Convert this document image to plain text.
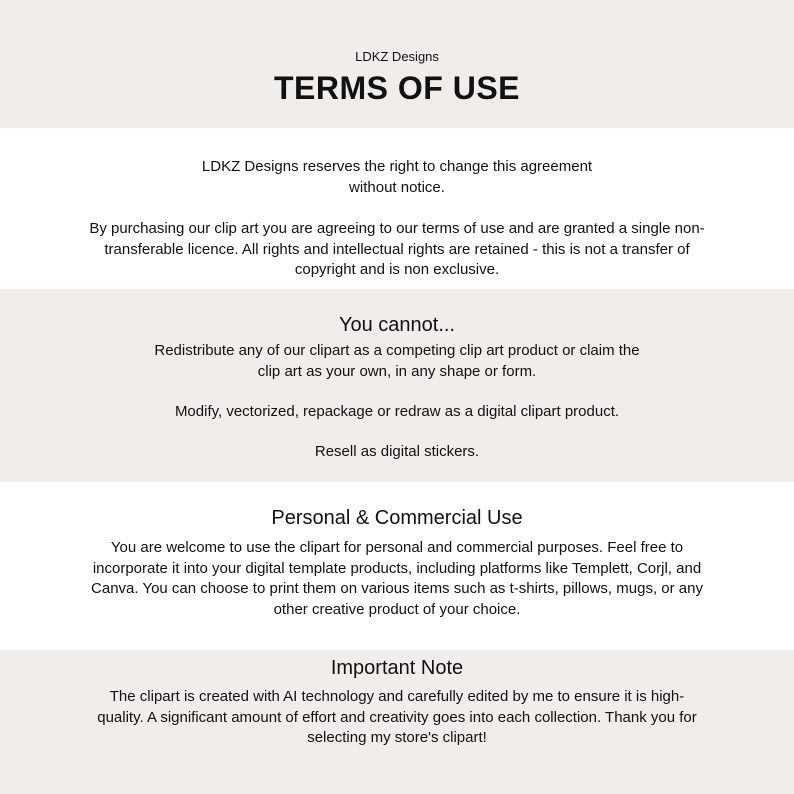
LDKZ Designs
TERMS OF USE

LDKZ Designs reserves the right to change this agreement
without notice.

By purchasing our clip art you are agreeing to our terms of use and are granted a single non-
transferable licence. All rights and intellectual rights are retained - this is not a transfer of
copyright and is non exclusive.

You cannot...

Redistribute any of our clipart as a competing clip art product or claim the
clip art as your own, in any shape or form.

Modify, vectorized, repackage or redraw as a digital clipart product.

Resell as digital stickers.

Personal & Commercial Use

You are welcome to use the clipart for personal and commercial purposes. Feel free to
incorporate it into your digital template products, including platforms like Templett, Corjl, and
Canva. You can choose to print them on various items such as t-shirts, pillows, mugs, or any
other creative product of your choice.

Important Note

The clipart is created with AI technology and carefully edited by me to ensure it is high-
quality. A significant amount of effort and creativity goes into each collection. Thank you for
selecting my store's clipart!
